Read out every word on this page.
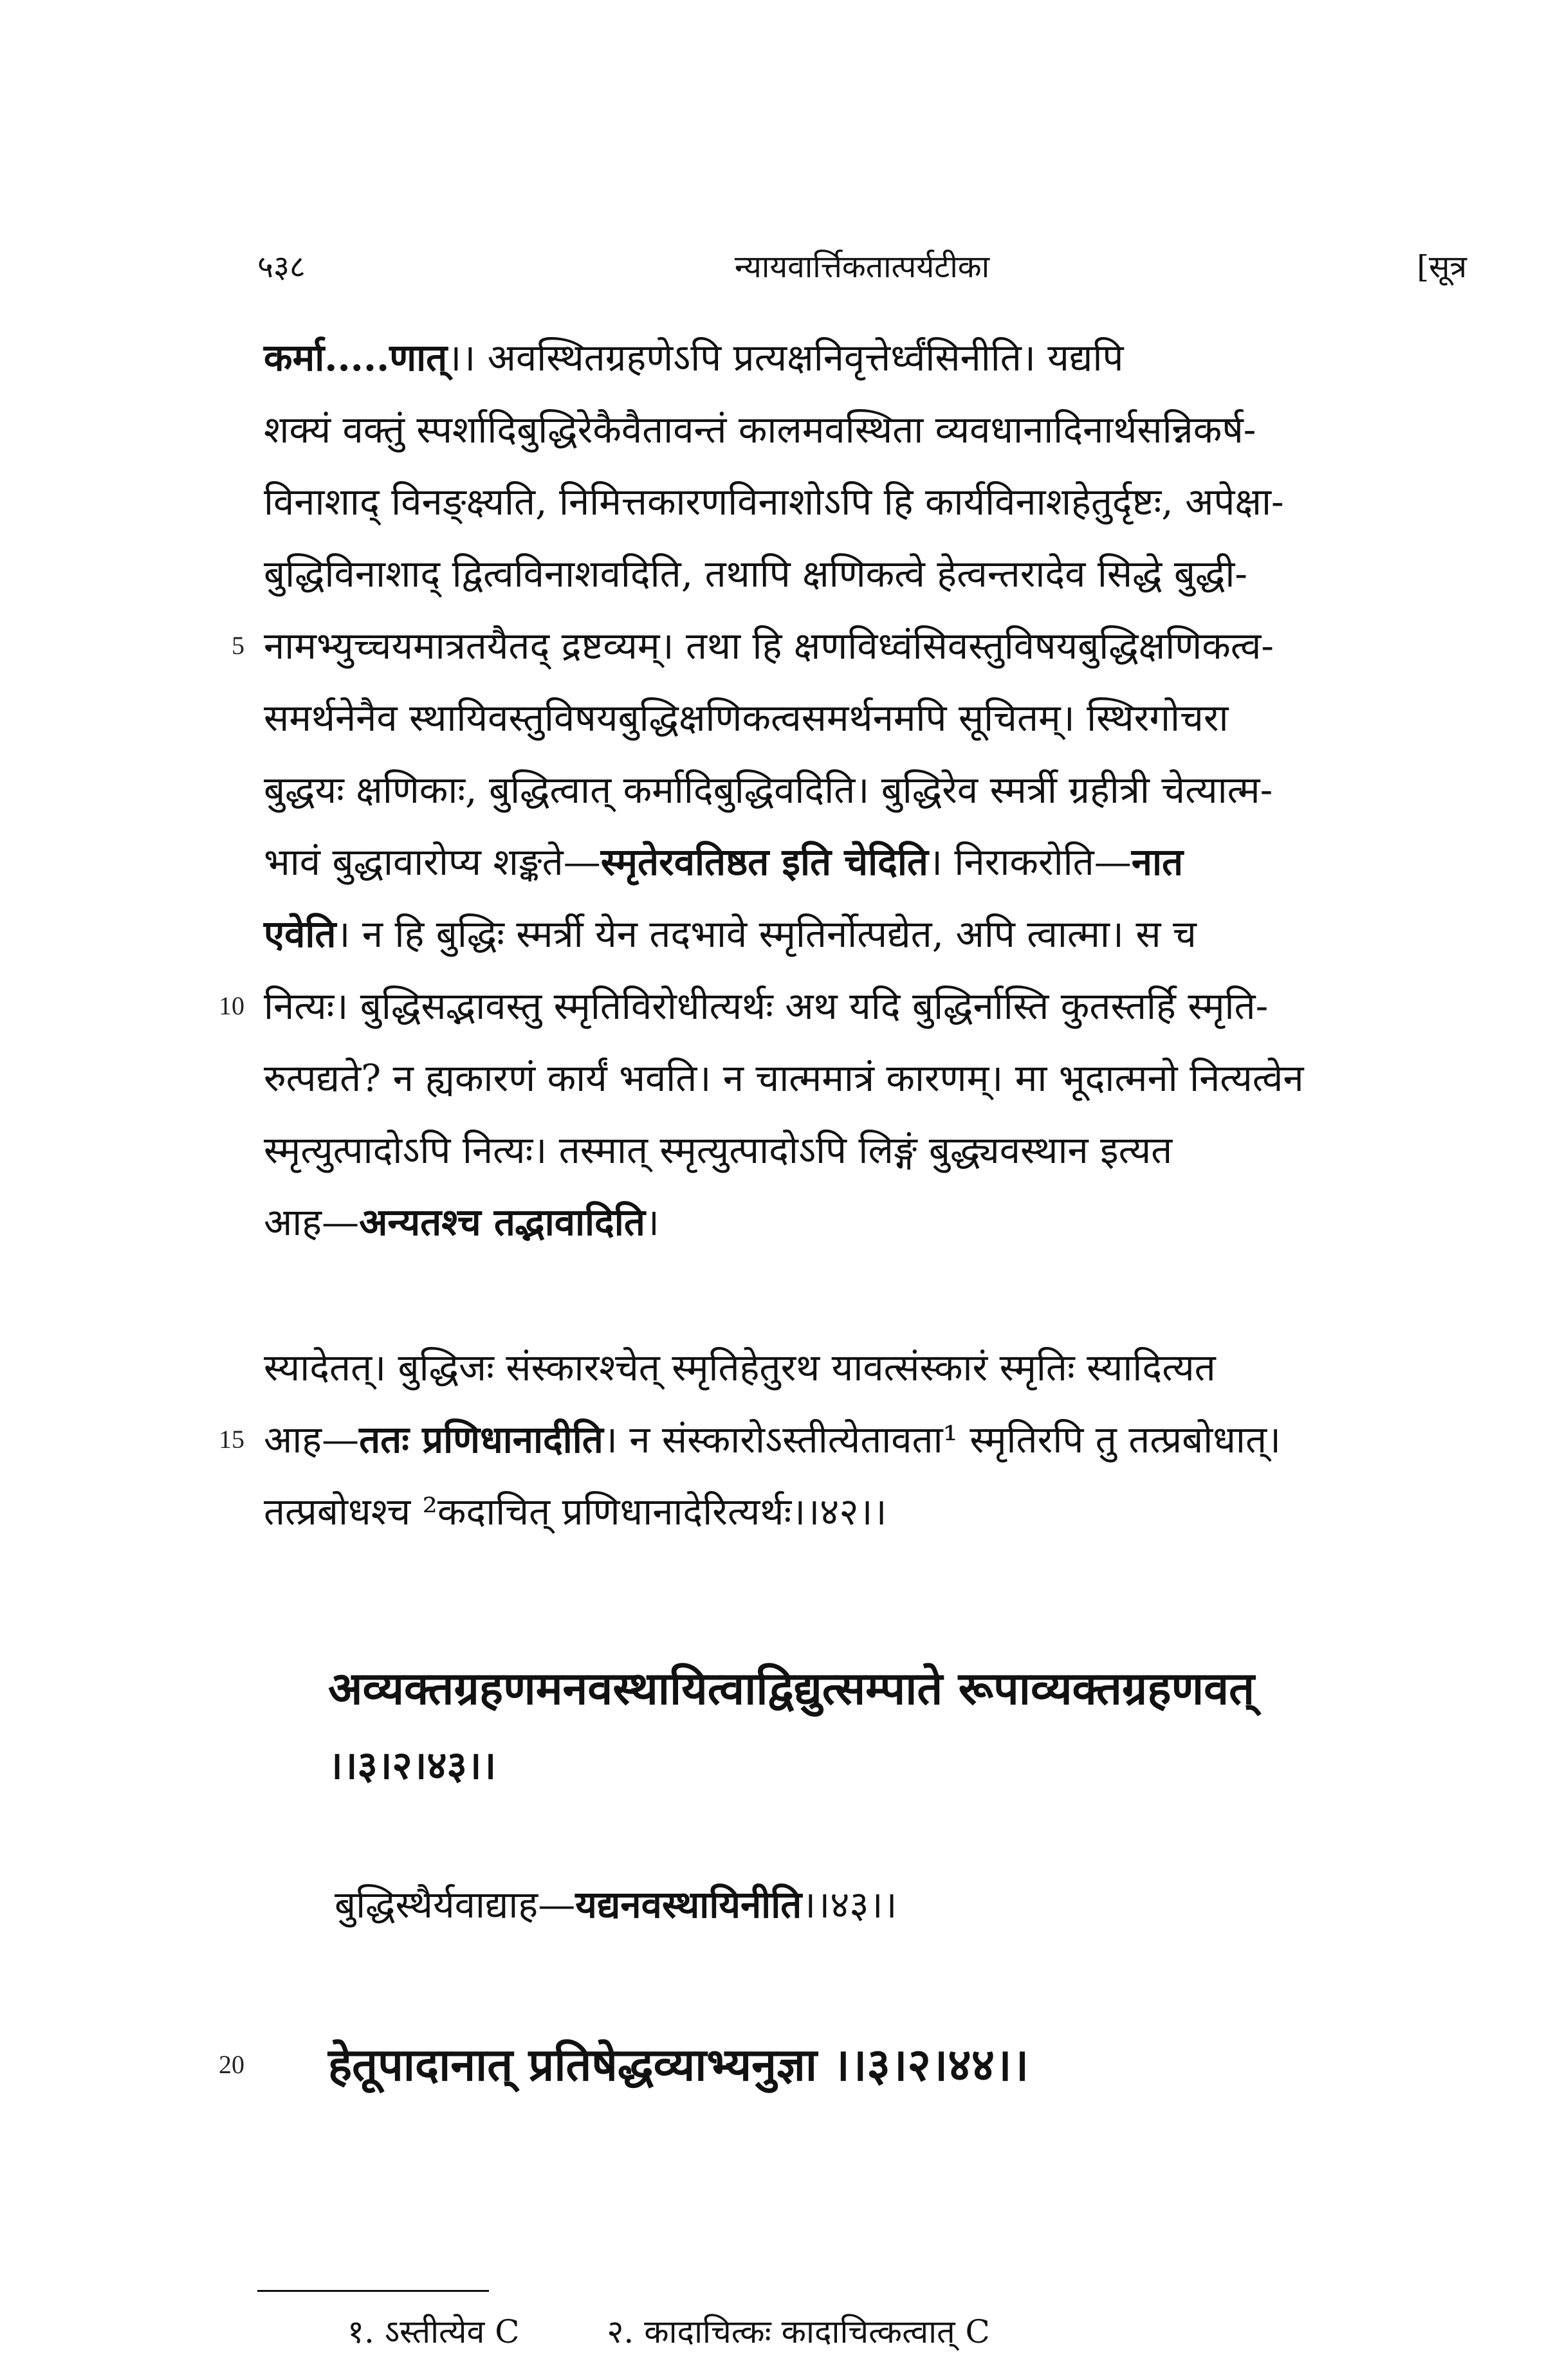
५३८	न्यायवार्त्तिकतात्पर्यटीका	[सूत्र
कर्मा.....णात्।। अवस्थितग्रहणेऽपि प्रत्यक्षनिवृत्तेर्ध्वंसिनीति। यद्यपि
शक्यं वक्तुं स्पर्शादिबुद्धिरेकैवैतावन्तं कालमवस्थिता व्यवधानादिनार्थसन्निकर्ष-
विनाशाद् विनङ्क्ष्यति, निमित्तकारणविनाशोऽपि हि कार्यविनाशहेतुर्दृष्टः, अपेक्षा-
बुद्धिविनाशाद् द्वित्वविनाशवदिति, तथापि क्षणिकत्वे हेत्वन्तरादेव सिद्धे बुद्धी-
5 नामभ्युच्चयमात्रतयैतद् द्रष्टव्यम्। तथा हि क्षणविध्वंसिवस्तुविषयबुद्धिक्षणिकत्व-
समर्थनेनैव स्थायिवस्तुविषयबुद्धिक्षणिकत्वसमर्थनमपि सूचितम्। स्थिरगोचरा
बुद्धयः क्षणिकाः, बुद्धित्वात् कर्मादिबुद्धिवदिति। बुद्धिरेव स्मर्त्री ग्रहीत्री चेत्यात्म-
भावं बुद्धावारोप्य शङ्कते—स्मृतेरवतिष्ठत इति चेदिति। निराकरोति—नात
एवेति। न हि बुद्धिः स्मर्त्री येन तदभावे स्मृतिर्नोत्पद्येत, अपि त्वात्मा। स च
10 नित्यः। बुद्धिसद्भावस्तु स्मृतिविरोधीत्यर्थः अथ यदि बुद्धिर्नास्ति कुतस्तर्हि स्मृति-
रुत्पद्यते? न ह्यकारणं कार्यं भवति। न चात्ममात्रं कारणम्। मा भूदात्मनो नित्यत्वेन
स्मृत्युत्पादोऽपि नित्यः। तस्मात् स्मृत्युत्पादोऽपि लिङ्गं बुद्ध्यवस्थान इत्यत
आह—अन्यतश्च तद्भावादिति।
स्यादेतत्। बुद्धिजः संस्कारश्चेत् स्मृतिहेतुरथ यावत्संस्कारं स्मृतिः स्यादित्यत
15 आह—ततः प्रणिधानादीति। न संस्कारोऽस्तीत्येतावता¹ स्मृतिरपि तु तत्प्रबोधात्।
तत्प्रबोधश्च ²कदाचित् प्रणिधानादेरित्यर्थः।।४२।।
अव्यक्तग्रहणमनवस्थायित्वाद्विद्युत्सम्पाते रूपाव्यक्तग्रहणवत्
।।३।२।४३।।
बुद्धिस्थैर्यवाद्याह—यद्यनवस्थायिनीति।।४३।।
20 हेतूपादानात् प्रतिषेद्धव्याभ्यनुज्ञा ।।३।२।४४।।
१. ऽस्तीत्येव C	२. कादाचित्कः कादाचित्कत्वात् C
